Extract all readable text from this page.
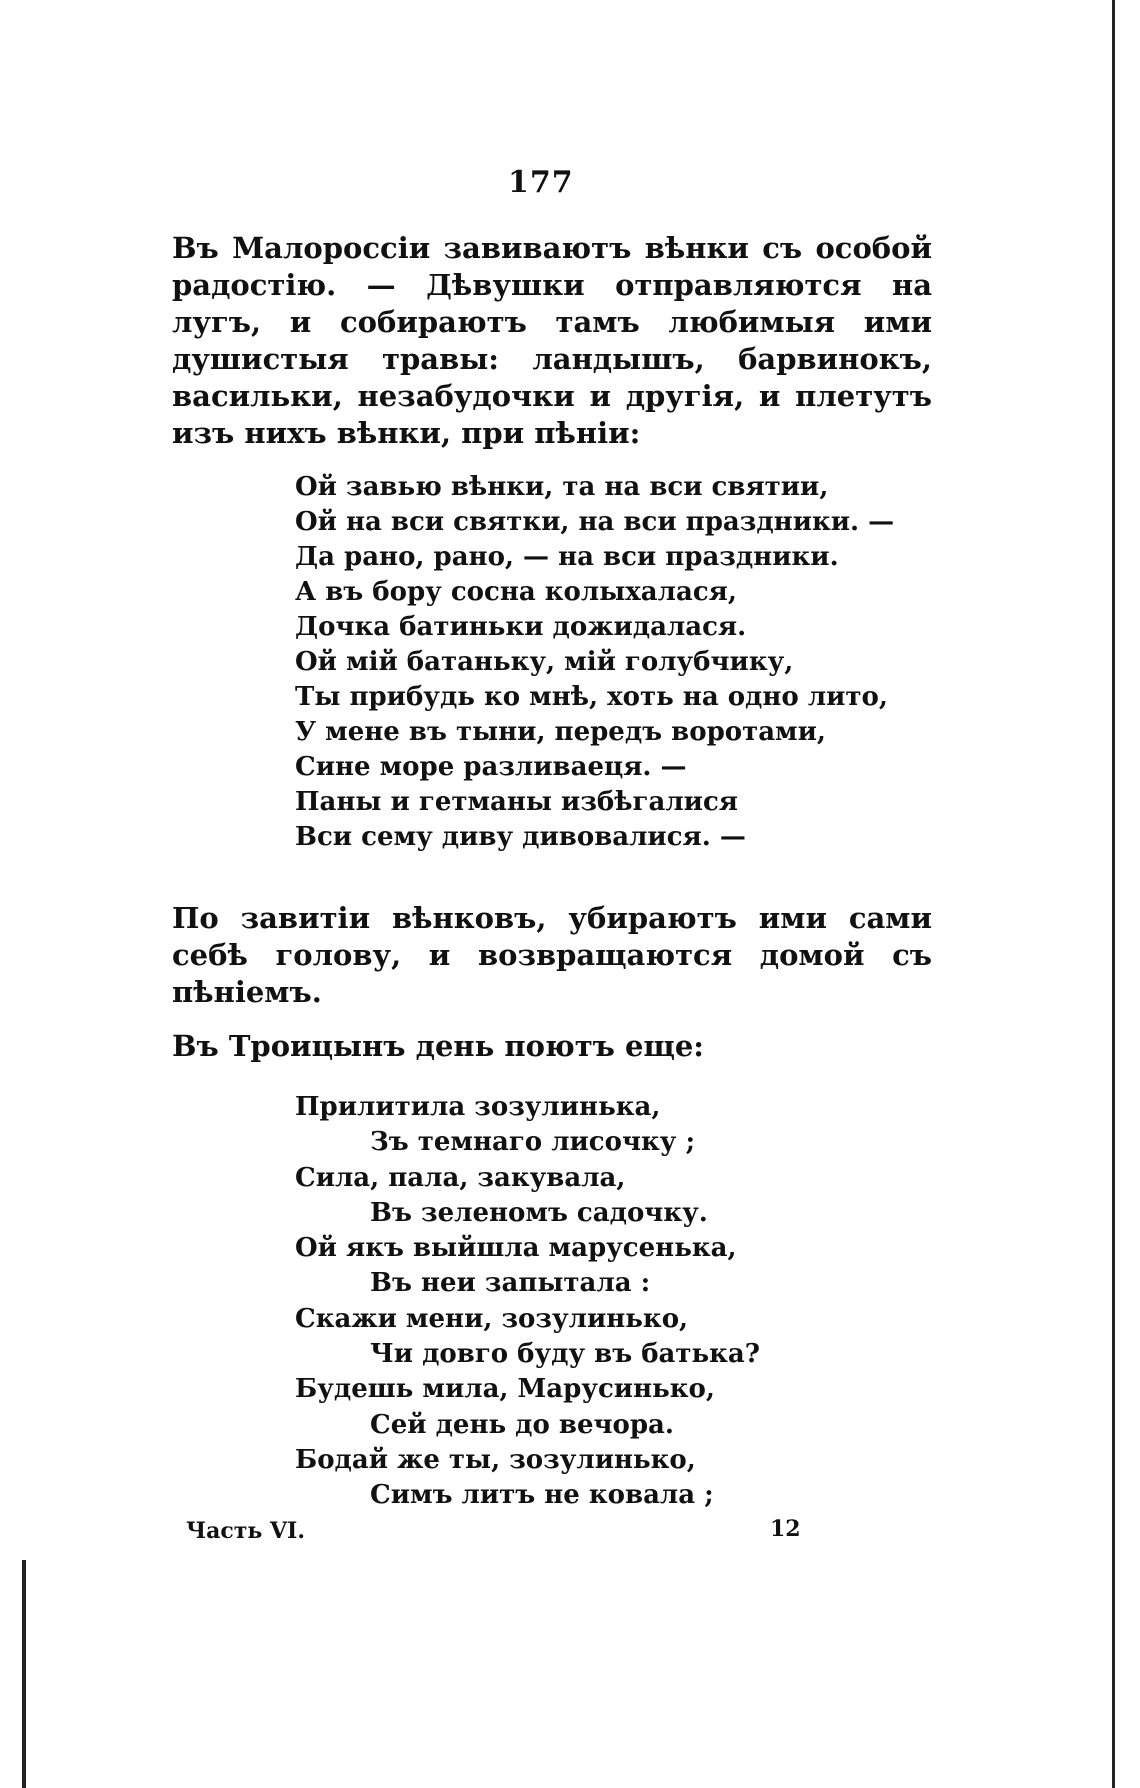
177

Въ Малороссіи завиваютъ вѣнки съ особой радостію. — Дѣвушки отправляются на лугъ, и собираютъ тамъ любимыя ими душистыя травы: ландышъ, барвинокъ, васильки, незабудочки и другія, и плетутъ изъ нихъ вѣнки, при пѣніи:

Ой завью вѣнки, та на вси святии,
Ой на вси святки, на вси праздники. —
Да рано, рано, — на вси праздники.
А въ бору сосна колыхалася,
Дочка батиньки дожидалася.
Ой мій батаньку, мій голубчику,
Ты прибудь ко мнѣ, хоть на одно лито,
У мене въ тыни, передъ воротами,
Сине море разливаеця. —
Паны и гетманы избѣгалися
Вси сему диву дивовалися. —

По завитіи вѣнковъ, убираютъ ими сами себѣ голову, и возвращаются домой съ пѣніемъ.

Въ Троицынъ день поютъ еще:

Прилитила зозулинька,
Зъ темнаго лисочку ;
Сила, пала, закувала,
Въ зеленомъ садочку.
Ой якъ выйшла марусенька,
Въ неи запытала :
Скажи мени, зозулинько,
Чи довго буду въ батька?
Будешь мила, Марусинько,
Сей день до вечора.
Бодай же ты, зозулинько,
Симъ литъ не ковала ;
Часть VI.	12
